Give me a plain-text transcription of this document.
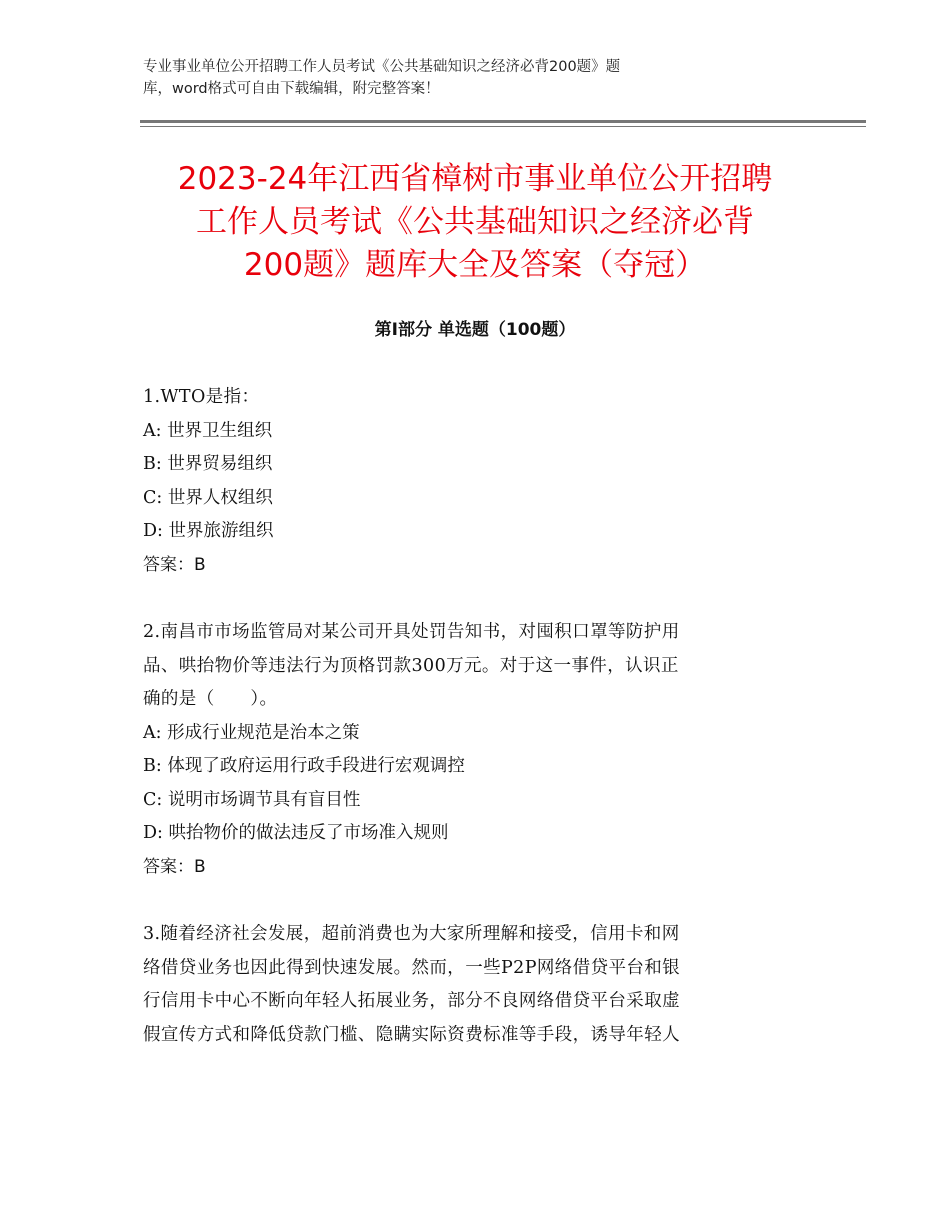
专业事业单位公开招聘工作人员考试《公共基础知识之经济必背200题》题
库，word格式可自由下载编辑，附完整答案！
2023-24年江西省樟树市事业单位公开招聘
工作人员考试《公共基础知识之经济必背
200题》题库大全及答案（夺冠）
第I部分 单选题（100题）
1.WTO是指：
A: 世界卫生组织
B: 世界贸易组织
C: 世界人权组织
D: 世界旅游组织
答案：B
2.南昌市市场监管局对某公司开具处罚告知书，对囤积口罩等防护用
品、哄抬物价等违法行为顶格罚款300万元。对于这一事件，认识正
确的是（　　）。
A: 形成行业规范是治本之策
B: 体现了政府运用行政手段进行宏观调控
C: 说明市场调节具有盲目性
D: 哄抬物价的做法违反了市场准入规则
答案：B
3.随着经济社会发展，超前消费也为大家所理解和接受，信用卡和网
络借贷业务也因此得到快速发展。然而，一些P2P网络借贷平台和银
行信用卡中心不断向年轻人拓展业务，部分不良网络借贷平台采取虚
假宣传方式和降低贷款门槛、隐瞒实际资费标准等手段，诱导年轻人
